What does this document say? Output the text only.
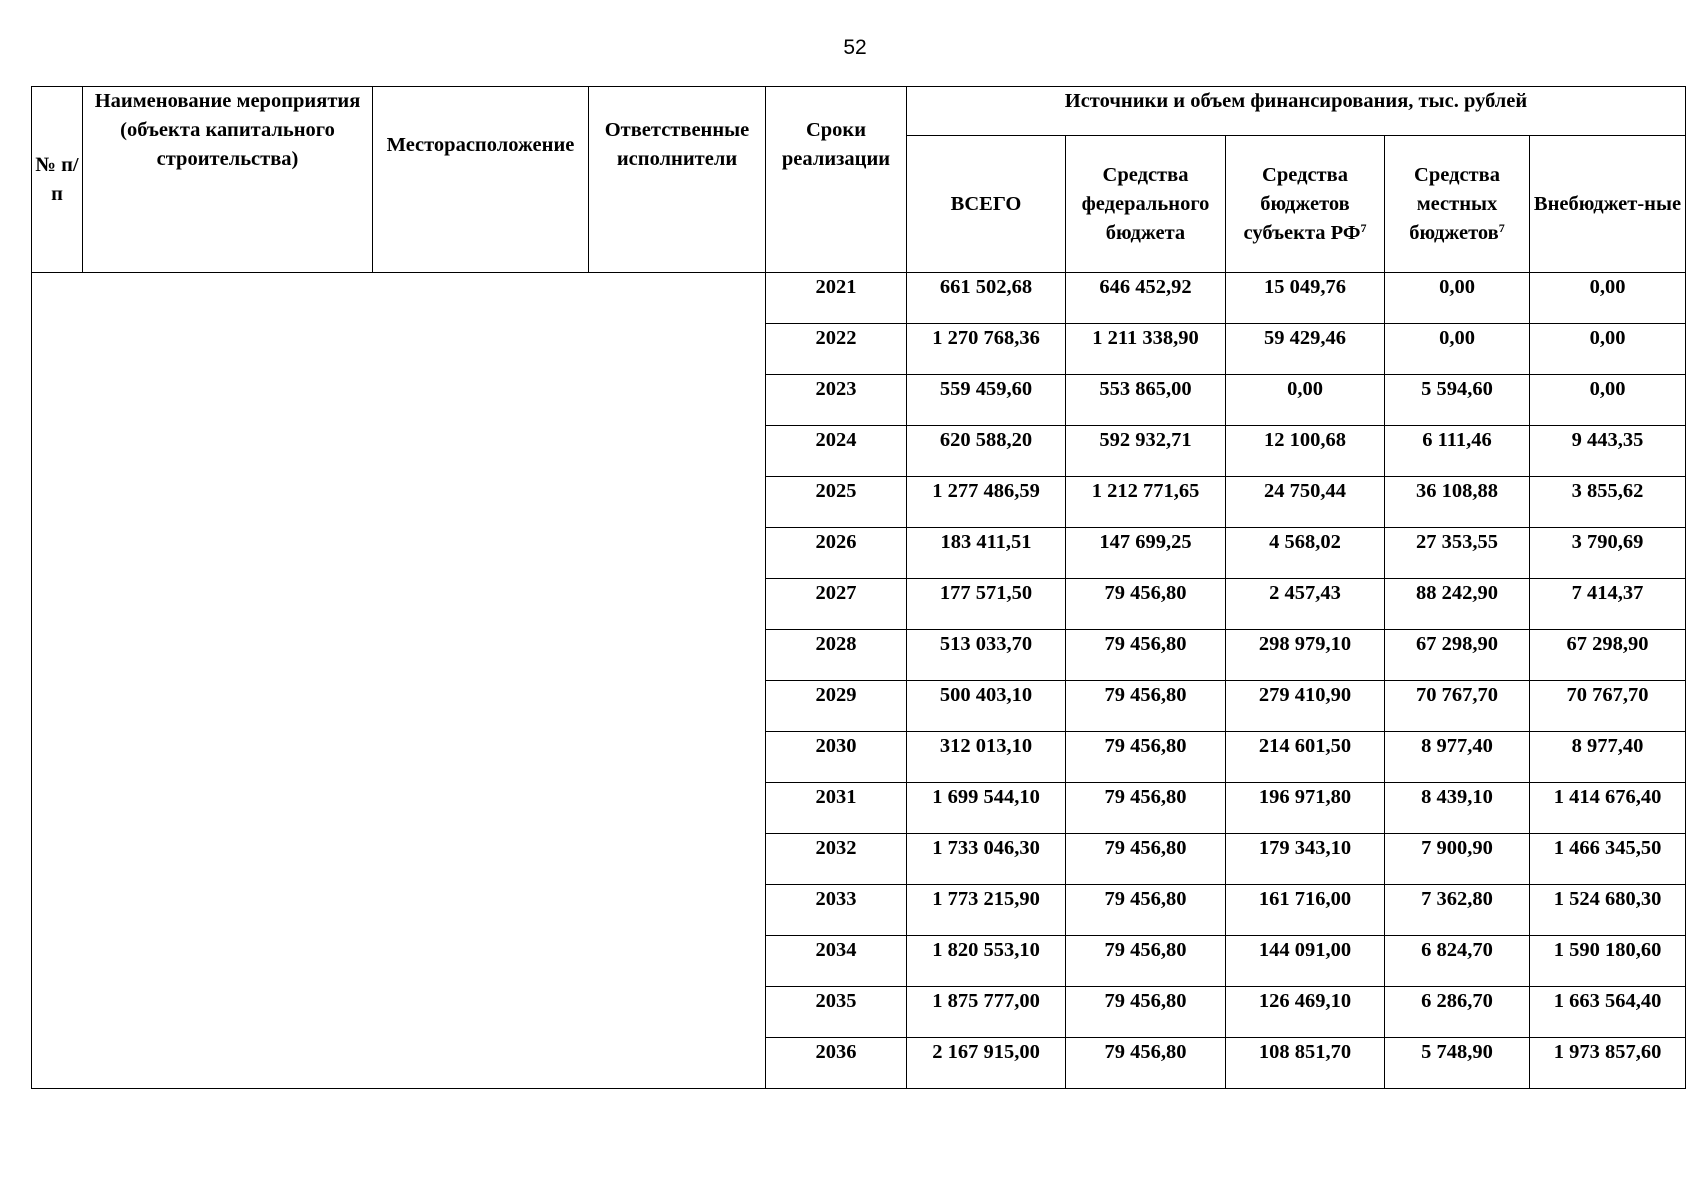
52
№ п/п	Наименование мероприятия (объекта капитального строительства)	Месторасположение	Ответственные исполнители	Сроки реализации	Источники и объем финансирования, тыс. рублей				
					ВСЕГО	Средства федерального бюджета	Средства бюджетов субъекта $РФ^7$	Средства местных бюджетов$^7$	Внебюджет-ные
				2021	661 502,68	646 452,92	15 049,76	0,00	0,00
				2022	1 270 768,36	1 211 338,90	59 429,46	0,00	0,00
				2023	559 459,60	553 865,00	0,00	5 594,60	0,00
				2024	620 588,20	592 932,71	12 100,68	6 111,46	9 443,35
				2025	1 277 486,59	1 212 771,65	24 750,44	36 108,88	3 855,62
				2026	183 411,51	147 699,25	4 568,02	27 353,55	3 790,69
				2027	177 571,50	79 456,80	2 457,43	88 242,90	7 414,37
				2028	513 033,70	79 456,80	298 979,10	67 298,90	67 298,90
				2029	500 403,10	79 456,80	279 410,90	70 767,70	70 767,70
				2030	312 013,10	79 456,80	214 601,50	8 977,40	8 977,40
				2031	1 699 544,10	79 456,80	196 971,80	8 439,10	1 414 676,40
				2032	1 733 046,30	79 456,80	179 343,10	7 900,90	1 466 345,50
				2033	1 773 215,90	79 456,80	161 716,00	7 362,80	1 524 680,30
				2034	1 820 553,10	79 456,80	144 091,00	6 824,70	1 590 180,60
				2035	1 875 777,00	79 456,80	126 469,10	6 286,70	1 663 564,40
				2036	2 167 915,00	79 456,80	108 851,70	5 748,90	1 973 857,60
